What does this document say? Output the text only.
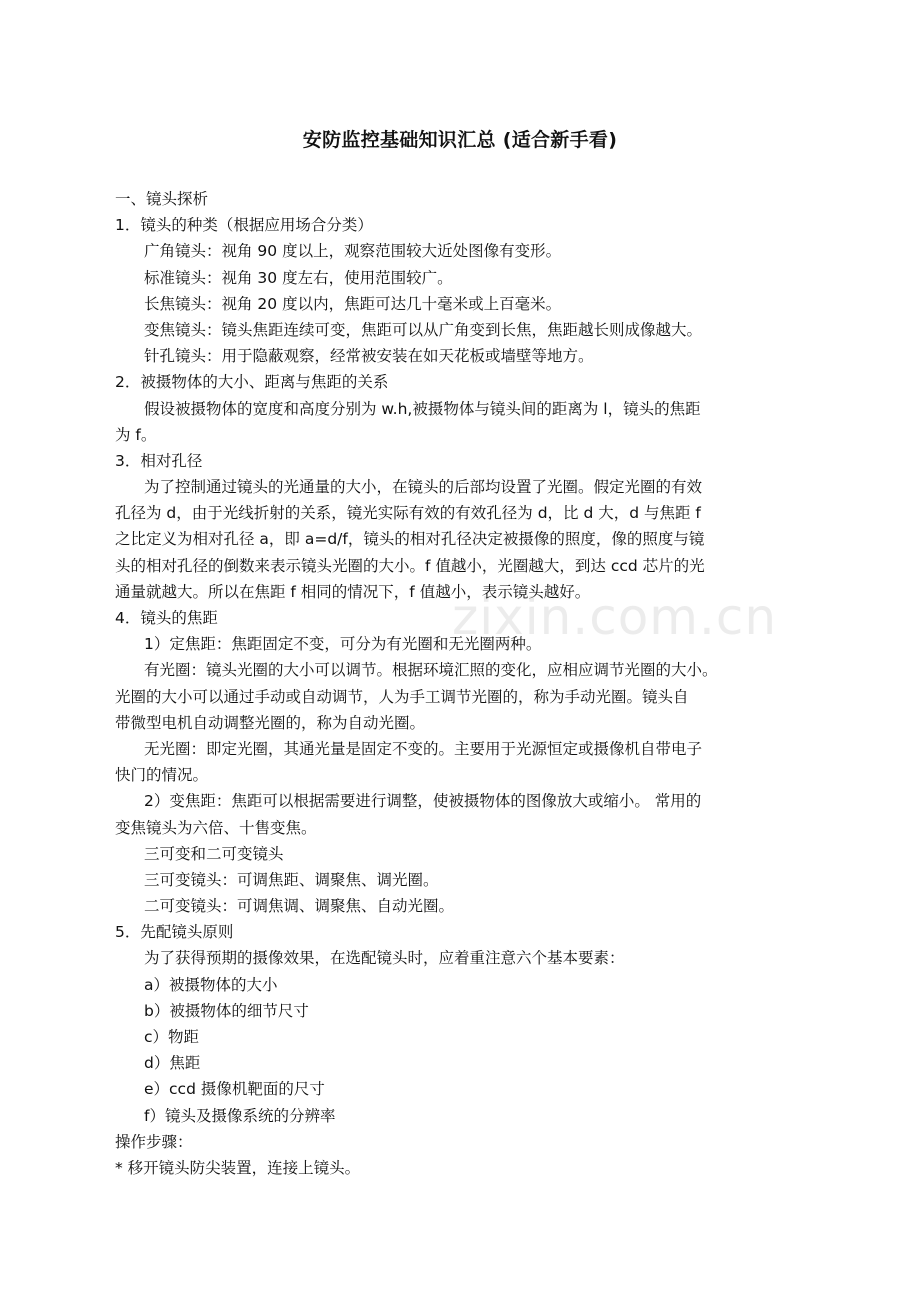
安防监控基础知识汇总 (适合新手看)
一、镜头探析
1．镜头的种类（根据应用场合分类）
广角镜头：视角 90 度以上，观察范围较大近处图像有变形。
标准镜头：视角 30 度左右，使用范围较广。
长焦镜头：视角 20 度以内，焦距可达几十毫米或上百毫米。
变焦镜头：镜头焦距连续可变，焦距可以从广角变到长焦，焦距越长则成像越大。
针孔镜头：用于隐蔽观察，经常被安装在如天花板或墙壁等地方。
2．被摄物体的大小、距离与焦距的关系
假设被摄物体的宽度和高度分别为 w.h,被摄物体与镜头间的距离为 l，镜头的焦距
为 f。
3．相对孔径
为了控制通过镜头的光通量的大小，在镜头的后部均设置了光圈。假定光圈的有效
孔径为 d，由于光线折射的关系，镜光实际有效的有效孔径为 d，比 d 大，d 与焦距 f
之比定义为相对孔径 a，即 a=d/f，镜头的相对孔径决定被摄像的照度，像的照度与镜
头的相对孔径的倒数来表示镜头光圈的大小。f 值越小，光圈越大，到达 ccd 芯片的光
通量就越大。所以在焦距 f 相同的情况下，f 值越小，表示镜头越好。
4．镜头的焦距
1）定焦距：焦距固定不变，可分为有光圈和无光圈两种。
有光圈：镜头光圈的大小可以调节。根据环境汇照的变化，应相应调节光圈的大小。
光圈的大小可以通过手动或自动调节，人为手工调节光圈的，称为手动光圈。镜头自
带微型电机自动调整光圈的，称为自动光圈。
无光圈：即定光圈，其通光量是固定不变的。主要用于光源恒定或摄像机自带电子
快门的情况。
2）变焦距：焦距可以根据需要进行调整，使被摄物体的图像放大或缩小。 常用的
变焦镜头为六倍、十售变焦。
三可变和二可变镜头
三可变镜头：可调焦距、调聚焦、调光圈。
二可变镜头：可调焦调、调聚焦、自动光圈。
5．先配镜头原则
为了获得预期的摄像效果，在选配镜头时，应着重注意六个基本要素：
a）被摄物体的大小
b）被摄物体的细节尺寸
c）物距
d）焦距
e）ccd 摄像机靶面的尺寸
f）镜头及摄像系统的分辨率
操作步骤：
* 移开镜头防尖装置，连接上镜头。
zixin.com.cn
